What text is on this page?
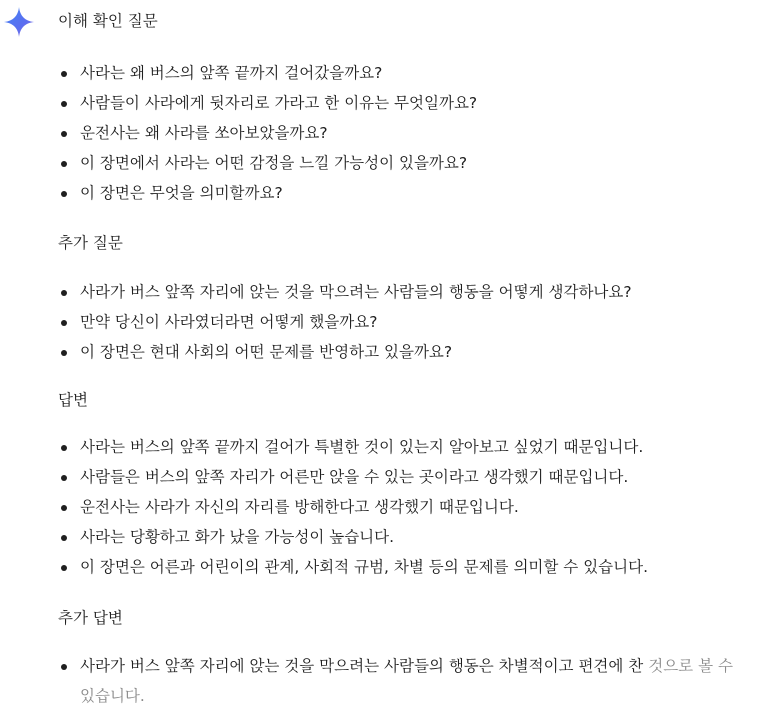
이해 확인 질문
사라는 왜 버스의 앞쪽 끝까지 걸어갔을까요?
사람들이 사라에게 뒷자리로 가라고 한 이유는 무엇일까요?
운전사는 왜 사라를 쏘아보았을까요?
이 장면에서 사라는 어떤 감정을 느낄 가능성이 있을까요?
이 장면은 무엇을 의미할까요?
추가 질문
사라가 버스 앞쪽 자리에 앉는 것을 막으려는 사람들의 행동을 어떻게 생각하나요?
만약 당신이 사라였더라면 어떻게 했을까요?
이 장면은 현대 사회의 어떤 문제를 반영하고 있을까요?
답변
사라는 버스의 앞쪽 끝까지 걸어가 특별한 것이 있는지 알아보고 싶었기 때문입니다.
사람들은 버스의 앞쪽 자리가 어른만 앉을 수 있는 곳이라고 생각했기 때문입니다.
운전사는 사라가 자신의 자리를 방해한다고 생각했기 때문입니다.
사라는 당황하고 화가 났을 가능성이 높습니다.
이 장면은 어른과 어린이의 관계, 사회적 규범, 차별 등의 문제를 의미할 수 있습니다.
추가 답변
사라가 버스 앞쪽 자리에 앉는 것을 막으려는 사람들의 행동은 차별적이고 편견에 찬 것으로 볼 수 있습니다.
